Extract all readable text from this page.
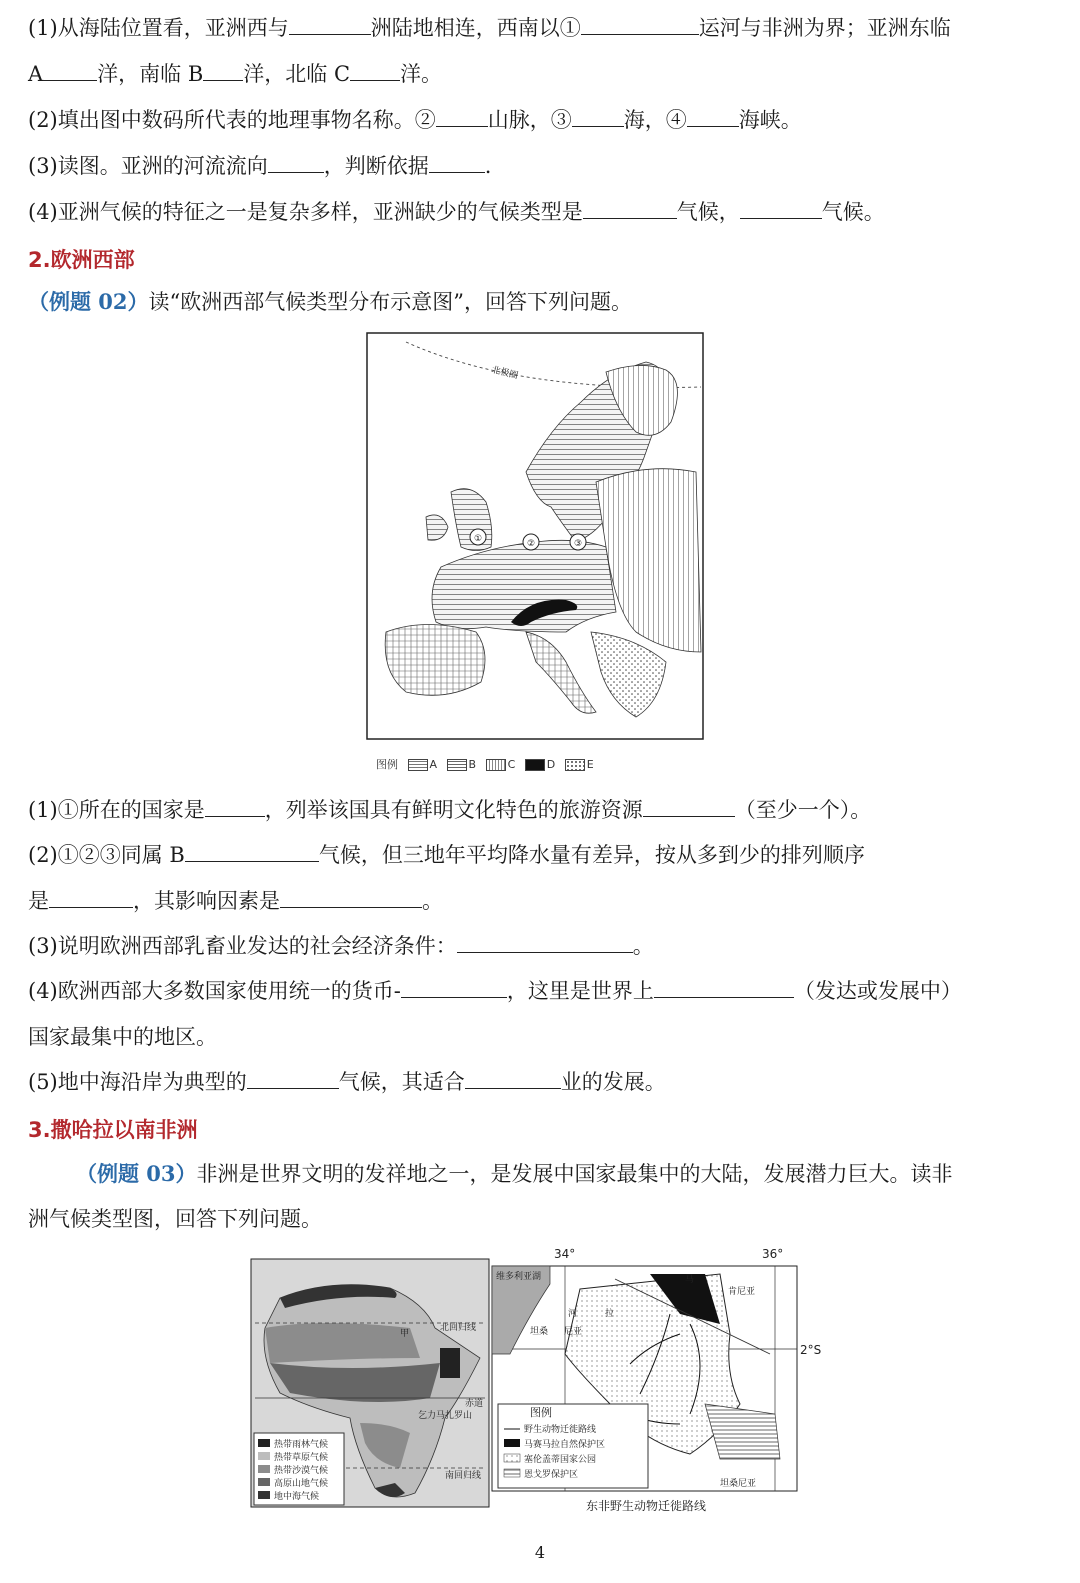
(1)从海陆位置看，亚洲西与	洲陆地相连，西南以①	运河与非洲为界；亚洲东临
A	洋，南临 B 洋，北临 C 洋。
(2)填出图中数码所代表的地理事物名称。② 山脉，③ 海，④ 海峡。
(3)读图。亚洲的河流流向	，判断依据	.
(4)亚洲气候的特征之一是复杂多样，亚洲缺少的气候类型是	气候，	气候。
2.欧洲西部
（例题 02）读“欧洲西部气候类型分布示意图”，回答下列问题。
北极圈
①	②	③
图例	A	B	C	D	E
(1)①所在的国家是	，列举该国具有鲜明文化特色的旅游资源	（至少一个）。
(2)①②③同属 B	气候，但三地年平均降水量有差异，按从多到少的排列顺序
是	，其影响因素是	。
(3)说明欧洲西部乳畜业发达的社会经济条件：	。
(4)欧洲西部大多数国家使用统一的货币-	，这里是世界上	（发达或发展中）
国家最集中的地区。
(5)地中海沿岸为典型的	气候，其适合	业的发展。
3.撒哈拉以南非洲
（例题 03）非洲是世界文明的发祥地之一，是发展中国家最集中的大陆，发展潜力巨大。读非
洲气候类型图，回答下列问题。
甲
北回归线
赤道
南回归线
乞力马扎罗山
热带雨林气候
热带草原气候
热带沙漠气候
高原山地气候
地中海气候
34°	36°
2°S
维多利亚湖	马
肯尼亚
河	拉
坦桑 尼亚
坦桑尼亚
图例
野生动物迁徙路线
马赛马拉自然保护区
塞伦盖蒂国家公园
恩戈罗保护区
东非野生动物迁徙路线
4
